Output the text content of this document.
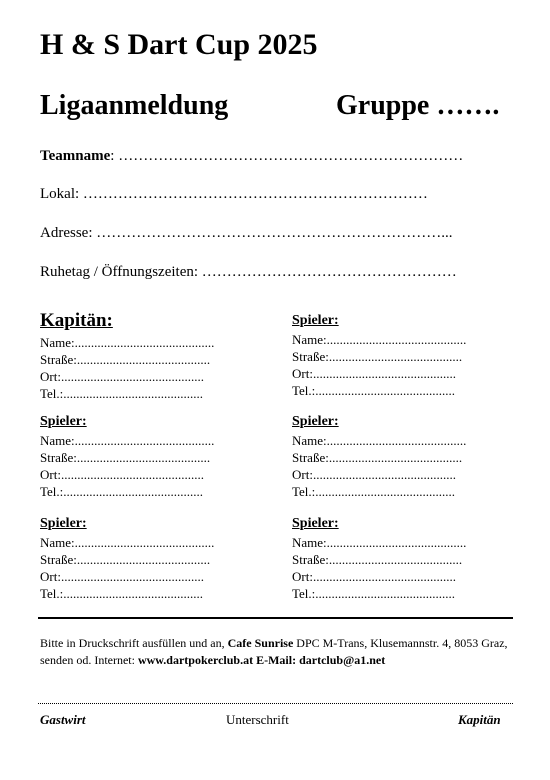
H & S Dart Cup 2025
Ligaanmeldung	Gruppe …….
Teamname: ……………………………………………………………
Lokal: ……………………………………………………………
Adresse: ……………………………………………………………...
Ruhetag / Öffnungszeiten: ……………………………………………
Kapitän:
Name:...........................................
Straße:.........................................
Ort:............................................
Tel.:...........................................
Spieler:
Name:...........................................
Straße:.........................................
Ort:............................................
Tel.:...........................................
Spieler:
Name:...........................................
Straße:.........................................
Ort:............................................
Tel.:...........................................
Spieler:
Name:...........................................
Straße:.........................................
Ort:............................................
Tel.:...........................................
Spieler:
Name:...........................................
Straße:.........................................
Ort:............................................
Tel.:...........................................
Spieler:
Name:...........................................
Straße:.........................................
Ort:............................................
Tel.:...........................................
Bitte in Druckschrift ausfüllen und an, Cafe Sunrise DPC M-Trans, Klusemannstr. 4, 8053 Graz, senden od. Internet: www.dartpokerclub.at E-Mail: dartclub@a1.net
Gastwirt	Unterschrift	Kapitän
